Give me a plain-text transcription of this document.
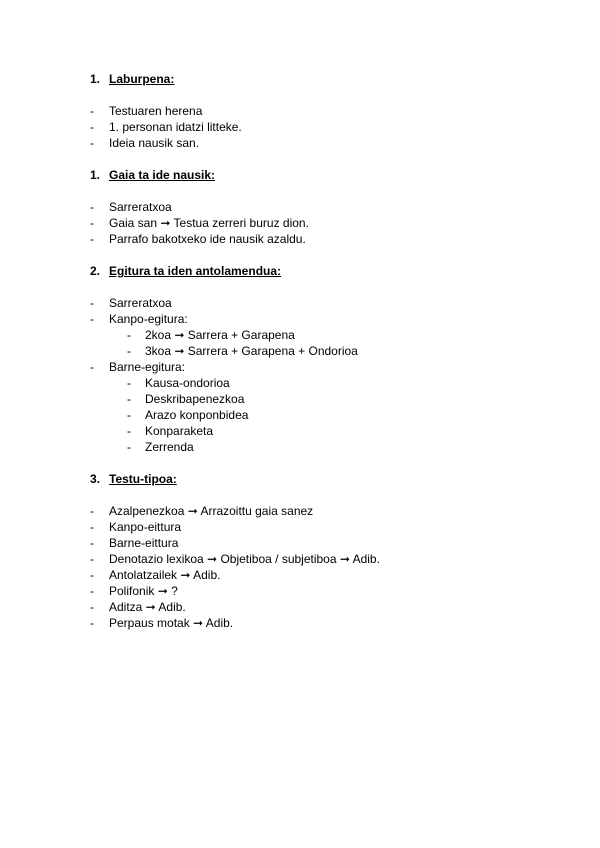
1. Laburpena:
- Testuaren herena
- 1. personan idatzi litteke.
- Ideia nausik san.
1. Gaia ta ide nausik:
- Sarreratxoa
- Gaia san ➞ Testua zerreri buruz dion.
- Parrafo bakotxeko ide nausik azaldu.
2. Egitura ta iden antolamendua:
- Sarreratxoa
- Kanpo-egitura:
- 2koa ➞ Sarrera + Garapena
- 3koa ➞ Sarrera + Garapena + Ondorioa
- Barne-egitura:
- Kausa-ondorioa
- Deskribapenezkoa
- Arazo konponbidea
- Konparaketa
- Zerrenda
3. Testu-tipoa:
- Azalpenezkoa ➞ Arrazoittu gaia sanez
- Kanpo-eittura
- Barne-eittura
- Denotazio lexikoa ➞ Objetiboa / subjetiboa ➞ Adib.
- Antolatzailek ➞ Adib.
- Polifonik ➞ ?
- Aditza ➞ Adib.
- Perpaus motak ➞ Adib.
